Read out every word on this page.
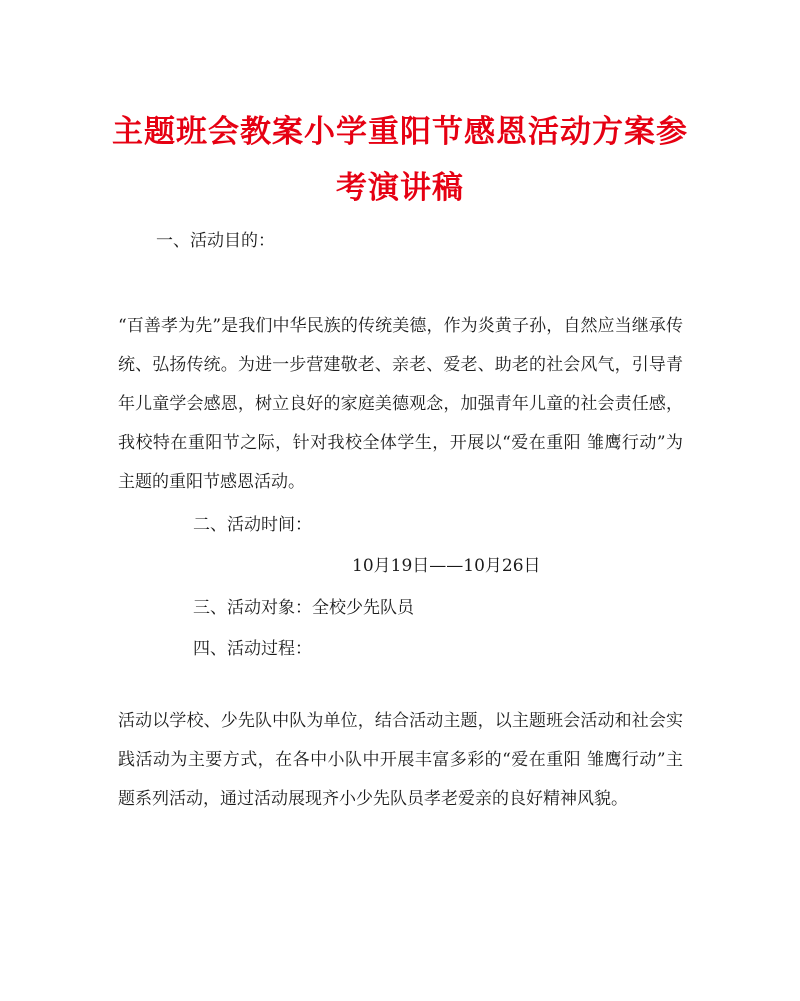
主题班会教案小学重阳节感恩活动方案参
考演讲稿
一、活动目的：
“百善孝为先”是我们中华民族的传统美德，作为炎黄子孙，自然应当继承传统、弘扬传统。为进一步营建敬老、亲老、爱老、助老的社会风气，引导青年儿童学会感恩，树立良好的家庭美德观念，加强青年儿童的社会责任感，我校特在重阳节之际，针对我校全体学生，开展以“爱在重阳 雏鹰行动”为主题的重阳节感恩活动。
二、活动时间：
10月19日——10月26日
三、活动对象：全校少先队员
四、活动过程：
活动以学校、少先队中队为单位，结合活动主题，以主题班会活动和社会实践活动为主要方式，在各中小队中开展丰富多彩的“爱在重阳 雏鹰行动”主题系列活动，通过活动展现齐小少先队员孝老爱亲的良好精神风貌。
